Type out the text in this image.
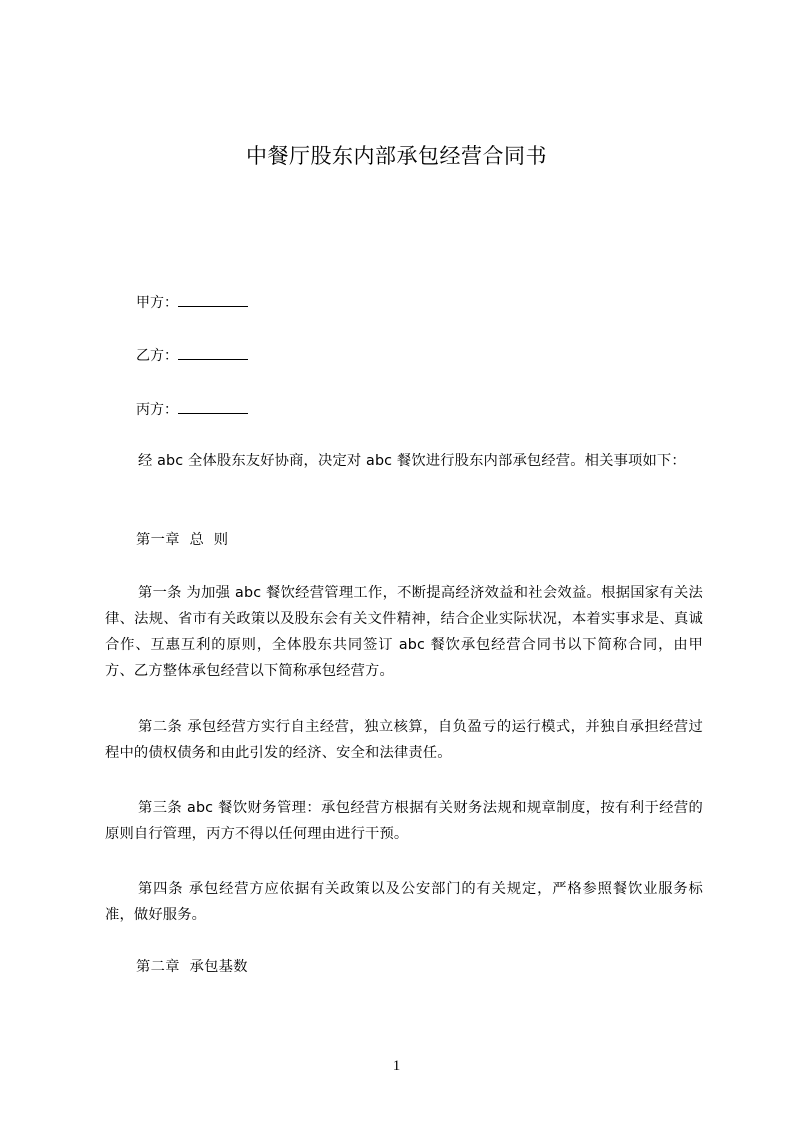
中餐厅股东内部承包经营合同书
甲方：
乙方：
丙方：
经 abc 全体股东友好协商，决定对 abc 餐饮进行股东内部承包经营。相关事项如下：
第一章  总  则
第一条 为加强 abc 餐饮经营管理工作，不断提高经济效益和社会效益。根据国家有关法律、法规、省市有关政策以及股东会有关文件精神，结合企业实际状况，本着实事求是、真诚合作、互惠互利的原则，全体股东共同签订 abc 餐饮承包经营合同书以下简称合同，由甲方、乙方整体承包经营以下简称承包经营方。
第二条 承包经营方实行自主经营，独立核算，自负盈亏的运行模式，并独自承担经营过程中的债权债务和由此引发的经济、安全和法律责任。
第三条 abc 餐饮财务管理：承包经营方根据有关财务法规和规章制度，按有利于经营的原则自行管理，丙方不得以任何理由进行干预。
第四条 承包经营方应依据有关政策以及公安部门的有关规定，严格参照餐饮业服务标准，做好服务。
第二章  承包基数
1
